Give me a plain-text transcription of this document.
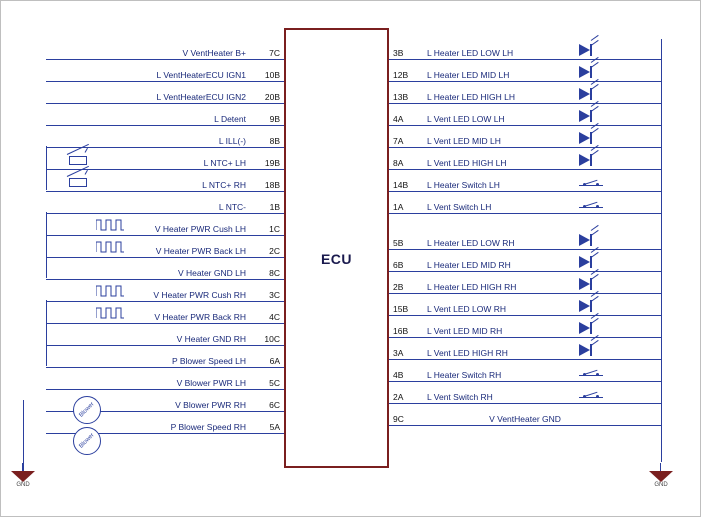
ECU
V VentHeater B+	7C
L VentHeaterECU IGN1 10B
L VentHeaterECU IGN2 20B
L Detent	9B
L ILL(-)	8B
L NTC+ LH 19B
L NTC+ RH 18B
L NTC-	1B
V Heater PWR Cush LH	1C
V Heater PWR Back LH	2C
V Heater GND LH	8C
V Heater PWR Cush RH	3C
V Heater PWR Back RH	4C
V Heater GND RH 10C
P Blower Speed LH	6A
V Blower PWR LH	5C
V Blower PWR RH	6C
P Blower Speed RH	5A
GND
3B	L Heater LED LOW LH
12B L Heater LED MID LH
13B L Heater LED HIGH LH
4A	L Vent LED LOW LH
7A	L Vent LED MID LH
8A	L Vent LED HIGH LH
14B L Heater Switch LH
1A	L Vent Switch LH
5B	L Heater LED LOW RH
6B	L Heater LED MID RH
2B	L Heater LED HIGH RH
15B L Vent LED LOW RH
16B L Vent LED MID RH
3A	L Vent LED HIGH RH
4B	L Heater Switch RH
2A	L Vent Switch RH
9C	V VentHeater GND
GND
Blower
Blower
